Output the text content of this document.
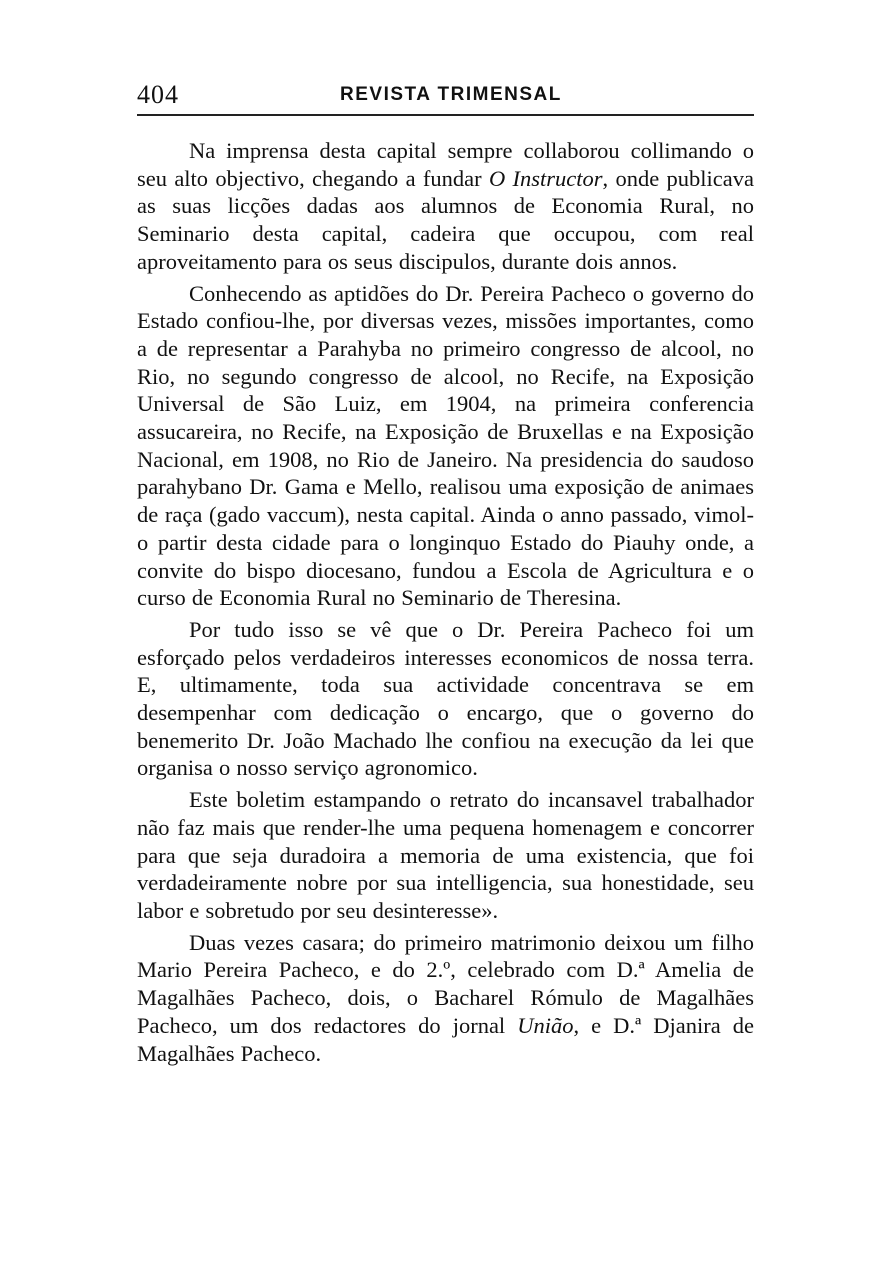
404	REVISTA TRIMENSAL

Na imprensa desta capital sempre collaborou collimando o seu alto objectivo, chegando a fundar O Instructor, onde publicava as suas licções dadas aos alumnos de Economia Rural, no Seminario desta capital, cadeira que occupou, com real aproveitamento para os seus discipulos, durante dois annos.

Conhecendo as aptidões do Dr. Pereira Pacheco o governo do Estado confiou-lhe, por diversas vezes, missões importantes, como a de representar a Parahyba no primeiro congresso de alcool, no Rio, no segundo congresso de alcool, no Recife, na Exposição Universal de São Luiz, em 1904, na primeira conferencia assucareira, no Recife, na Exposição de Bruxellas e na Exposição Nacional, em 1908, no Rio de Janeiro. Na presidencia do saudoso parahybano Dr. Gama e Mello, realisou uma exposição de animaes de raça (gado vaccum), nesta capital. Ainda o anno passado, vimol-o partir desta cidade para o longinquo Estado do Piauhy onde, a convite do bispo diocesano, fundou a Escola de Agricultura e o curso de Economia Rural no Seminario de Theresina.

Por tudo isso se vê que o Dr. Pereira Pacheco foi um esforçado pelos verdadeiros interesses economicos de nossa terra. E, ultimamente, toda sua actividade concentrava se em desempenhar com dedicação o encargo, que o governo do benemerito Dr. João Machado lhe confiou na execução da lei que organisa o nosso serviço agronomico.

Este boletim estampando o retrato do incansavel trabalhador não faz mais que render-lhe uma pequena homenagem e concorrer para que seja duradoira a memoria de uma existencia, que foi verdadeiramente nobre por sua intelligencia, sua honestidade, seu labor e sobretudo por seu desinteresse».

Duas vezes casara; do primeiro matrimonio deixou um filho Mario Pereira Pacheco, e do 2.º, celebrado com D.ª Amelia de Magalhães Pacheco, dois, o Bacharel Rómulo de Magalhães Pacheco, um dos redactores do jornal União, e D.ª Djanira de Magalhães Pacheco.
